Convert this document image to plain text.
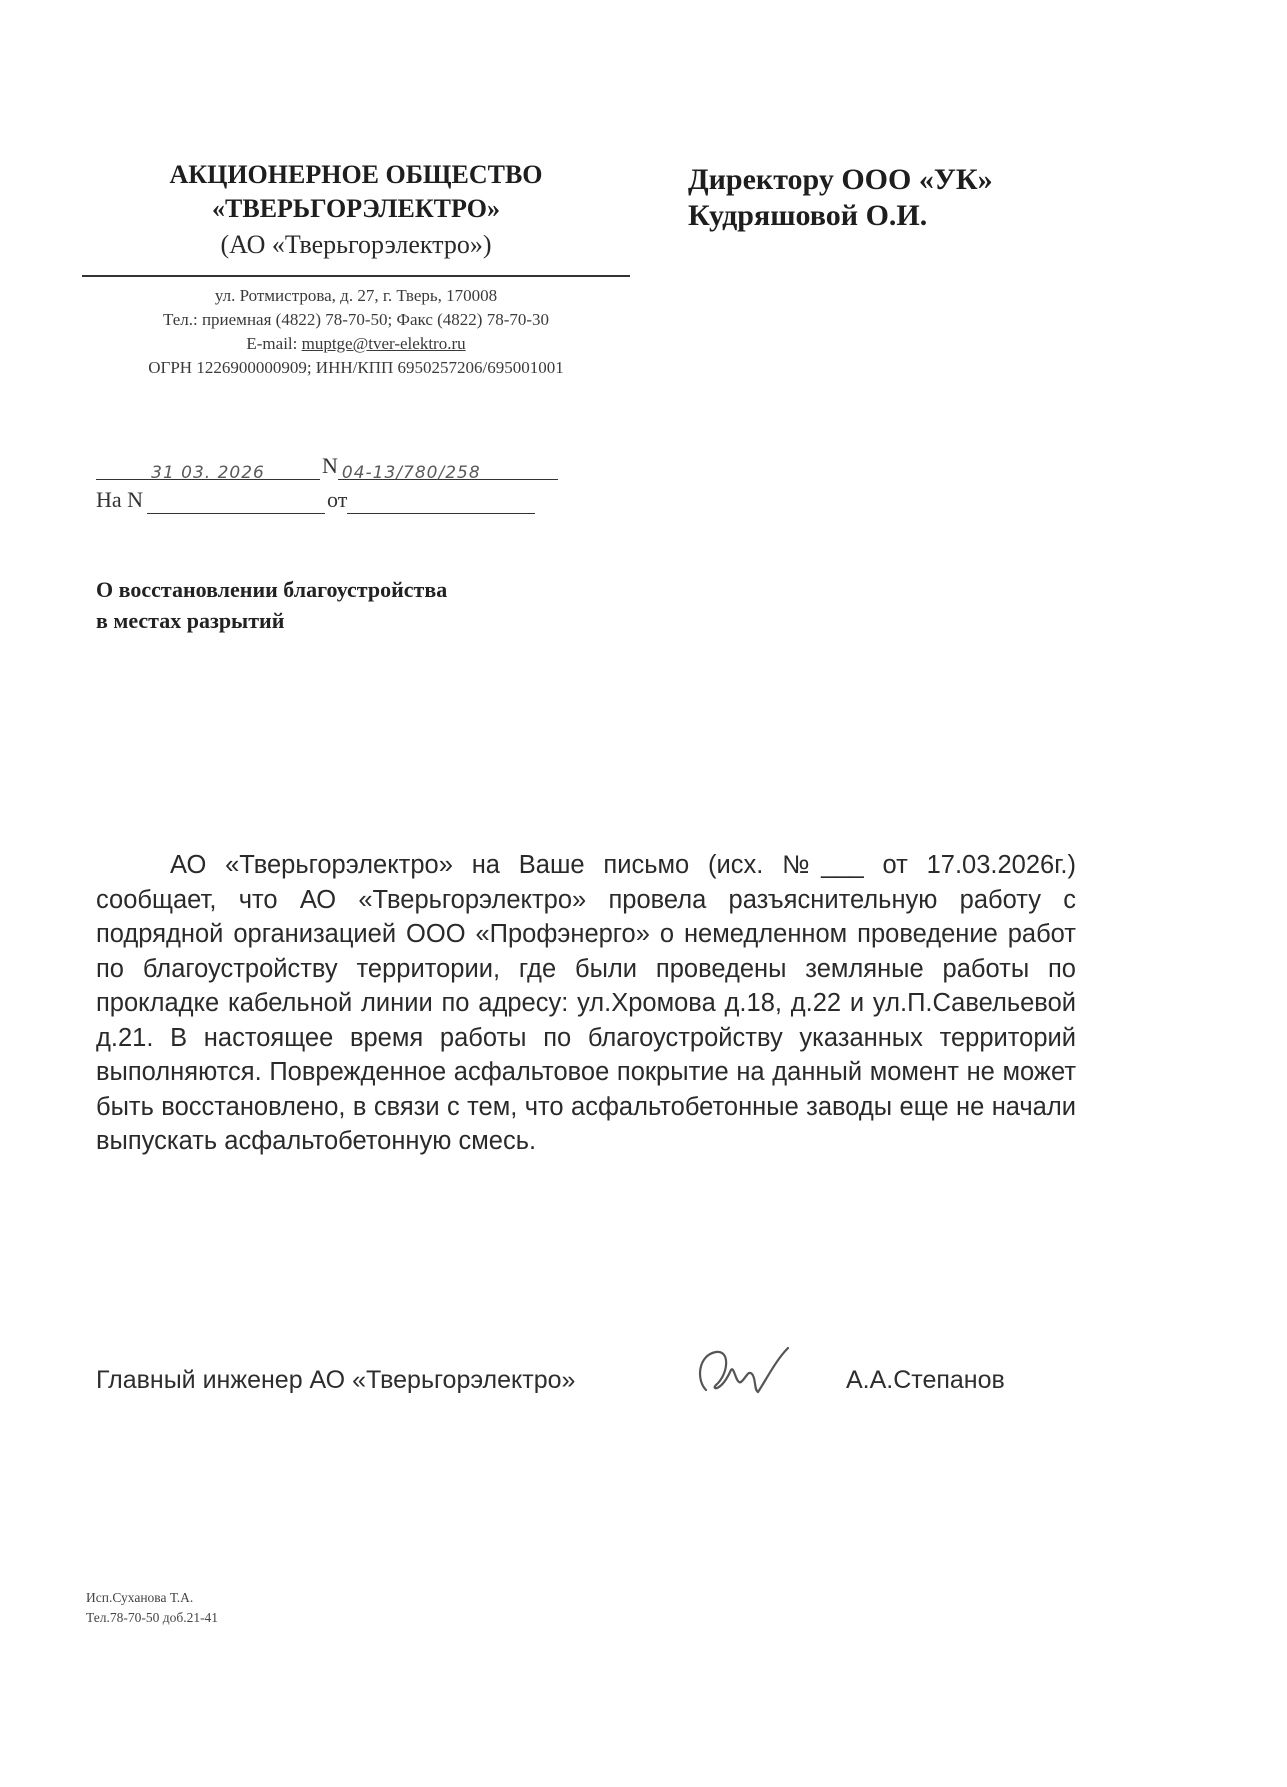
АКЦИОНЕРНОЕ ОБЩЕСТВО
«ТВЕРЬГОРЭЛЕКТРО»
(АО «Тверьгорэлектро»)
ул. Ротмистрова, д. 27, г. Тверь, 170008
Тел.: приемная (4822) 78-70-50; Факс (4822) 78-70-30
E-mail: muptge@tver-elektro.ru
ОГРН 1226900000909; ИНН/КПП 6950257206/695001001
Директору ООО «УК»
Кудряшовой О.И.
31 03. 2026	N 04-13/780/258
На N	от
О восстановлении благоустройства
в местах разрытий
АО «Тверьгорэлектро» на Ваше письмо (исх. №___ от 17.03.2026г.) сообщает, что АО «Тверьгорэлектро» провела разъяснительную работу с подрядной организацией ООО «Профэнерго» о немедленном проведение работ по благоустройству территории, где были проведены земляные работы по прокладке кабельной линии по адресу: ул.Хромова д.18, д.22 и ул.П.Савельевой д.21. В настоящее время работы по благоустройству указанных территорий выполняются. Поврежденное асфальтовое покрытие на данный момент не может быть восстановлено, в связи с тем, что асфальтобетонные заводы еще не начали выпускать асфальтобетонную смесь.
Главный инженер АО «Тверьгорэлектро»	А.А.Степанов
Исп.Суханова Т.А.
Тел.78-70-50 доб.21-41
